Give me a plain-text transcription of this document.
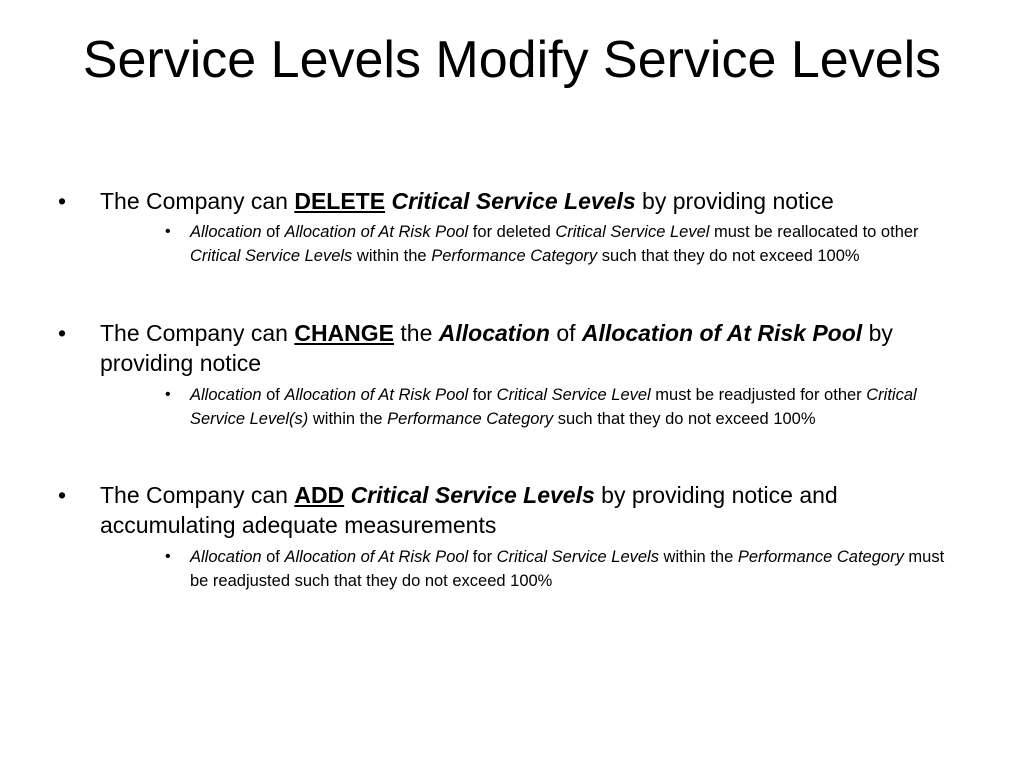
Service Levels Modify Service Levels
• The Company can DELETE Critical Service Levels by providing notice
• Allocation of Allocation of At Risk Pool for deleted Critical Service Level must be reallocated to other Critical Service Levels within the Performance Category such that they do not exceed 100%
• The Company can CHANGE the Allocation of Allocation of At Risk Pool by providing notice
• Allocation of Allocation of At Risk Pool for Critical Service Level must be readjusted for other Critical Service Level(s) within the Performance Category such that they do not exceed 100%
• The Company can ADD Critical Service Levels by providing notice and accumulating adequate measurements
• Allocation of Allocation of At Risk Pool for Critical Service Levels within the Performance Category must be readjusted such that they do not exceed 100%
